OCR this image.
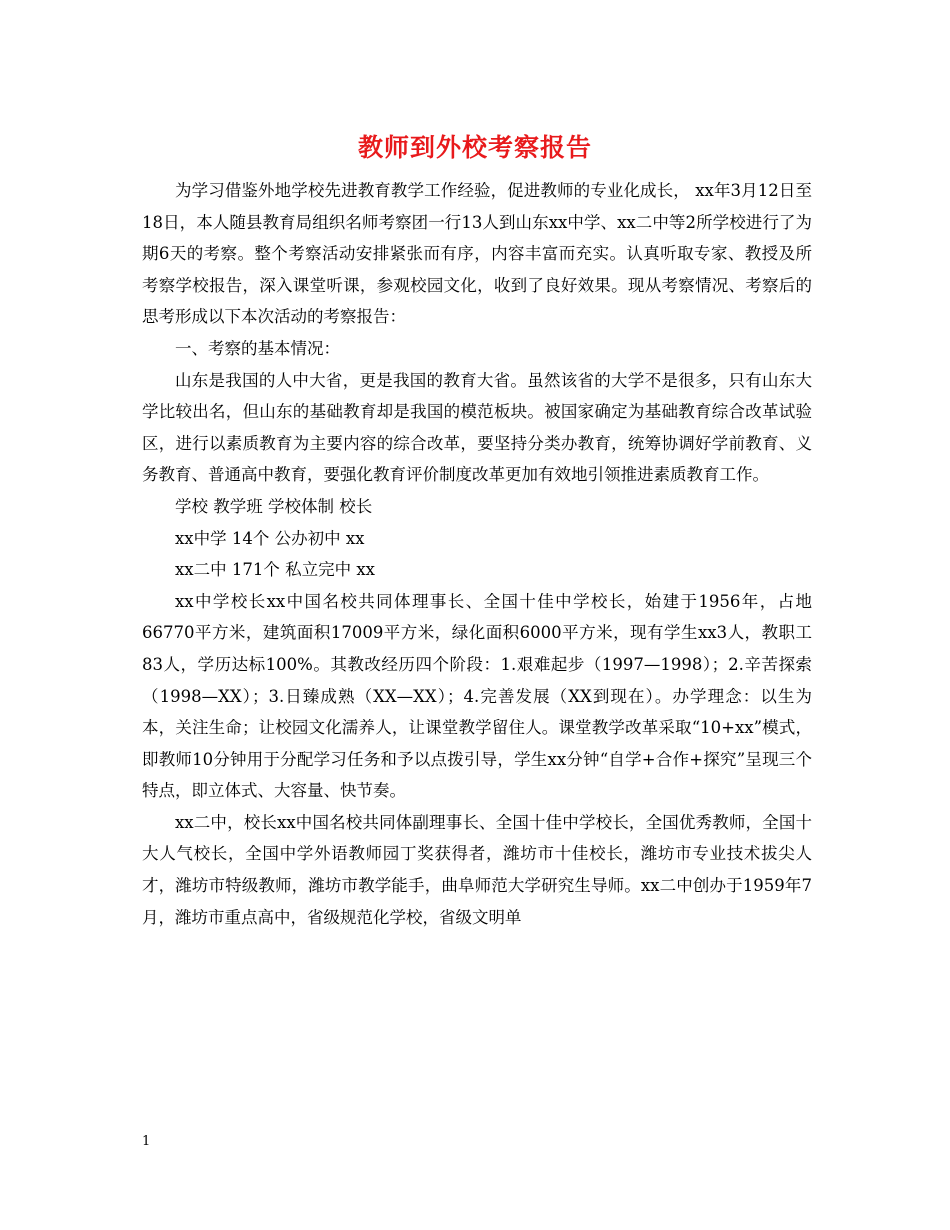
教师到外校考察报告

为学习借鉴外地学校先进教育教学工作经验，促进教师的专业化成长， xx年3月12日至18日，本人随县教育局组织名师考察团一行13人到山东xx中学、xx二中等2所学校进行了为期6天的考察。整个考察活动安排紧张而有序，内容丰富而充实。认真听取专家、教授及所考察学校报告，深入课堂听课，参观校园文化，收到了良好效果。现从考察情况、考察后的思考形成以下本次活动的考察报告：

一、考察的基本情况：

山东是我国的人中大省，更是我国的教育大省。虽然该省的大学不是很多，只有山东大学比较出名，但山东的基础教育却是我国的模范板块。被国家确定为基础教育综合改革试验区，进行以素质教育为主要内容的综合改革，要坚持分类办教育，统筹协调好学前教育、义务教育、普通高中教育，要强化教育评价制度改革更加有效地引领推进素质教育工作。

学校 教学班 学校体制 校长

xx中学 14个 公办初中 xx

xx二中 171个 私立完中 xx

xx中学校长xx中国名校共同体理事长、全国十佳中学校长，始建于1956年，占地66770平方米，建筑面积17009平方米，绿化面积6000平方米，现有学生xx3人，教职工83人，学历达标100%。其教改经历四个阶段：1.艰难起步（1997—1998）；2.辛苦探索（1998—XX）；3.日臻成熟（XX—XX）；4.完善发展（XX到现在）。办学理念：以生为本，关注生命；让校园文化濡养人，让课堂教学留住人。课堂教学改革采取“10+xx”模式，即教师10分钟用于分配学习任务和予以点拨引导，学生xx分钟“自学+合作+探究”呈现三个特点，即立体式、大容量、快节奏。

xx二中，校长xx中国名校共同体副理事长、全国十佳中学校长，全国优秀教师，全国十大人气校长，全国中学外语教师园丁奖获得者，潍坊市十佳校长，潍坊市专业技术拔尖人才，潍坊市特级教师，潍坊市教学能手，曲阜师范大学研究生导师。xx二中创办于1959年7月，潍坊市重点高中，省级规范化学校，省级文明单

1
